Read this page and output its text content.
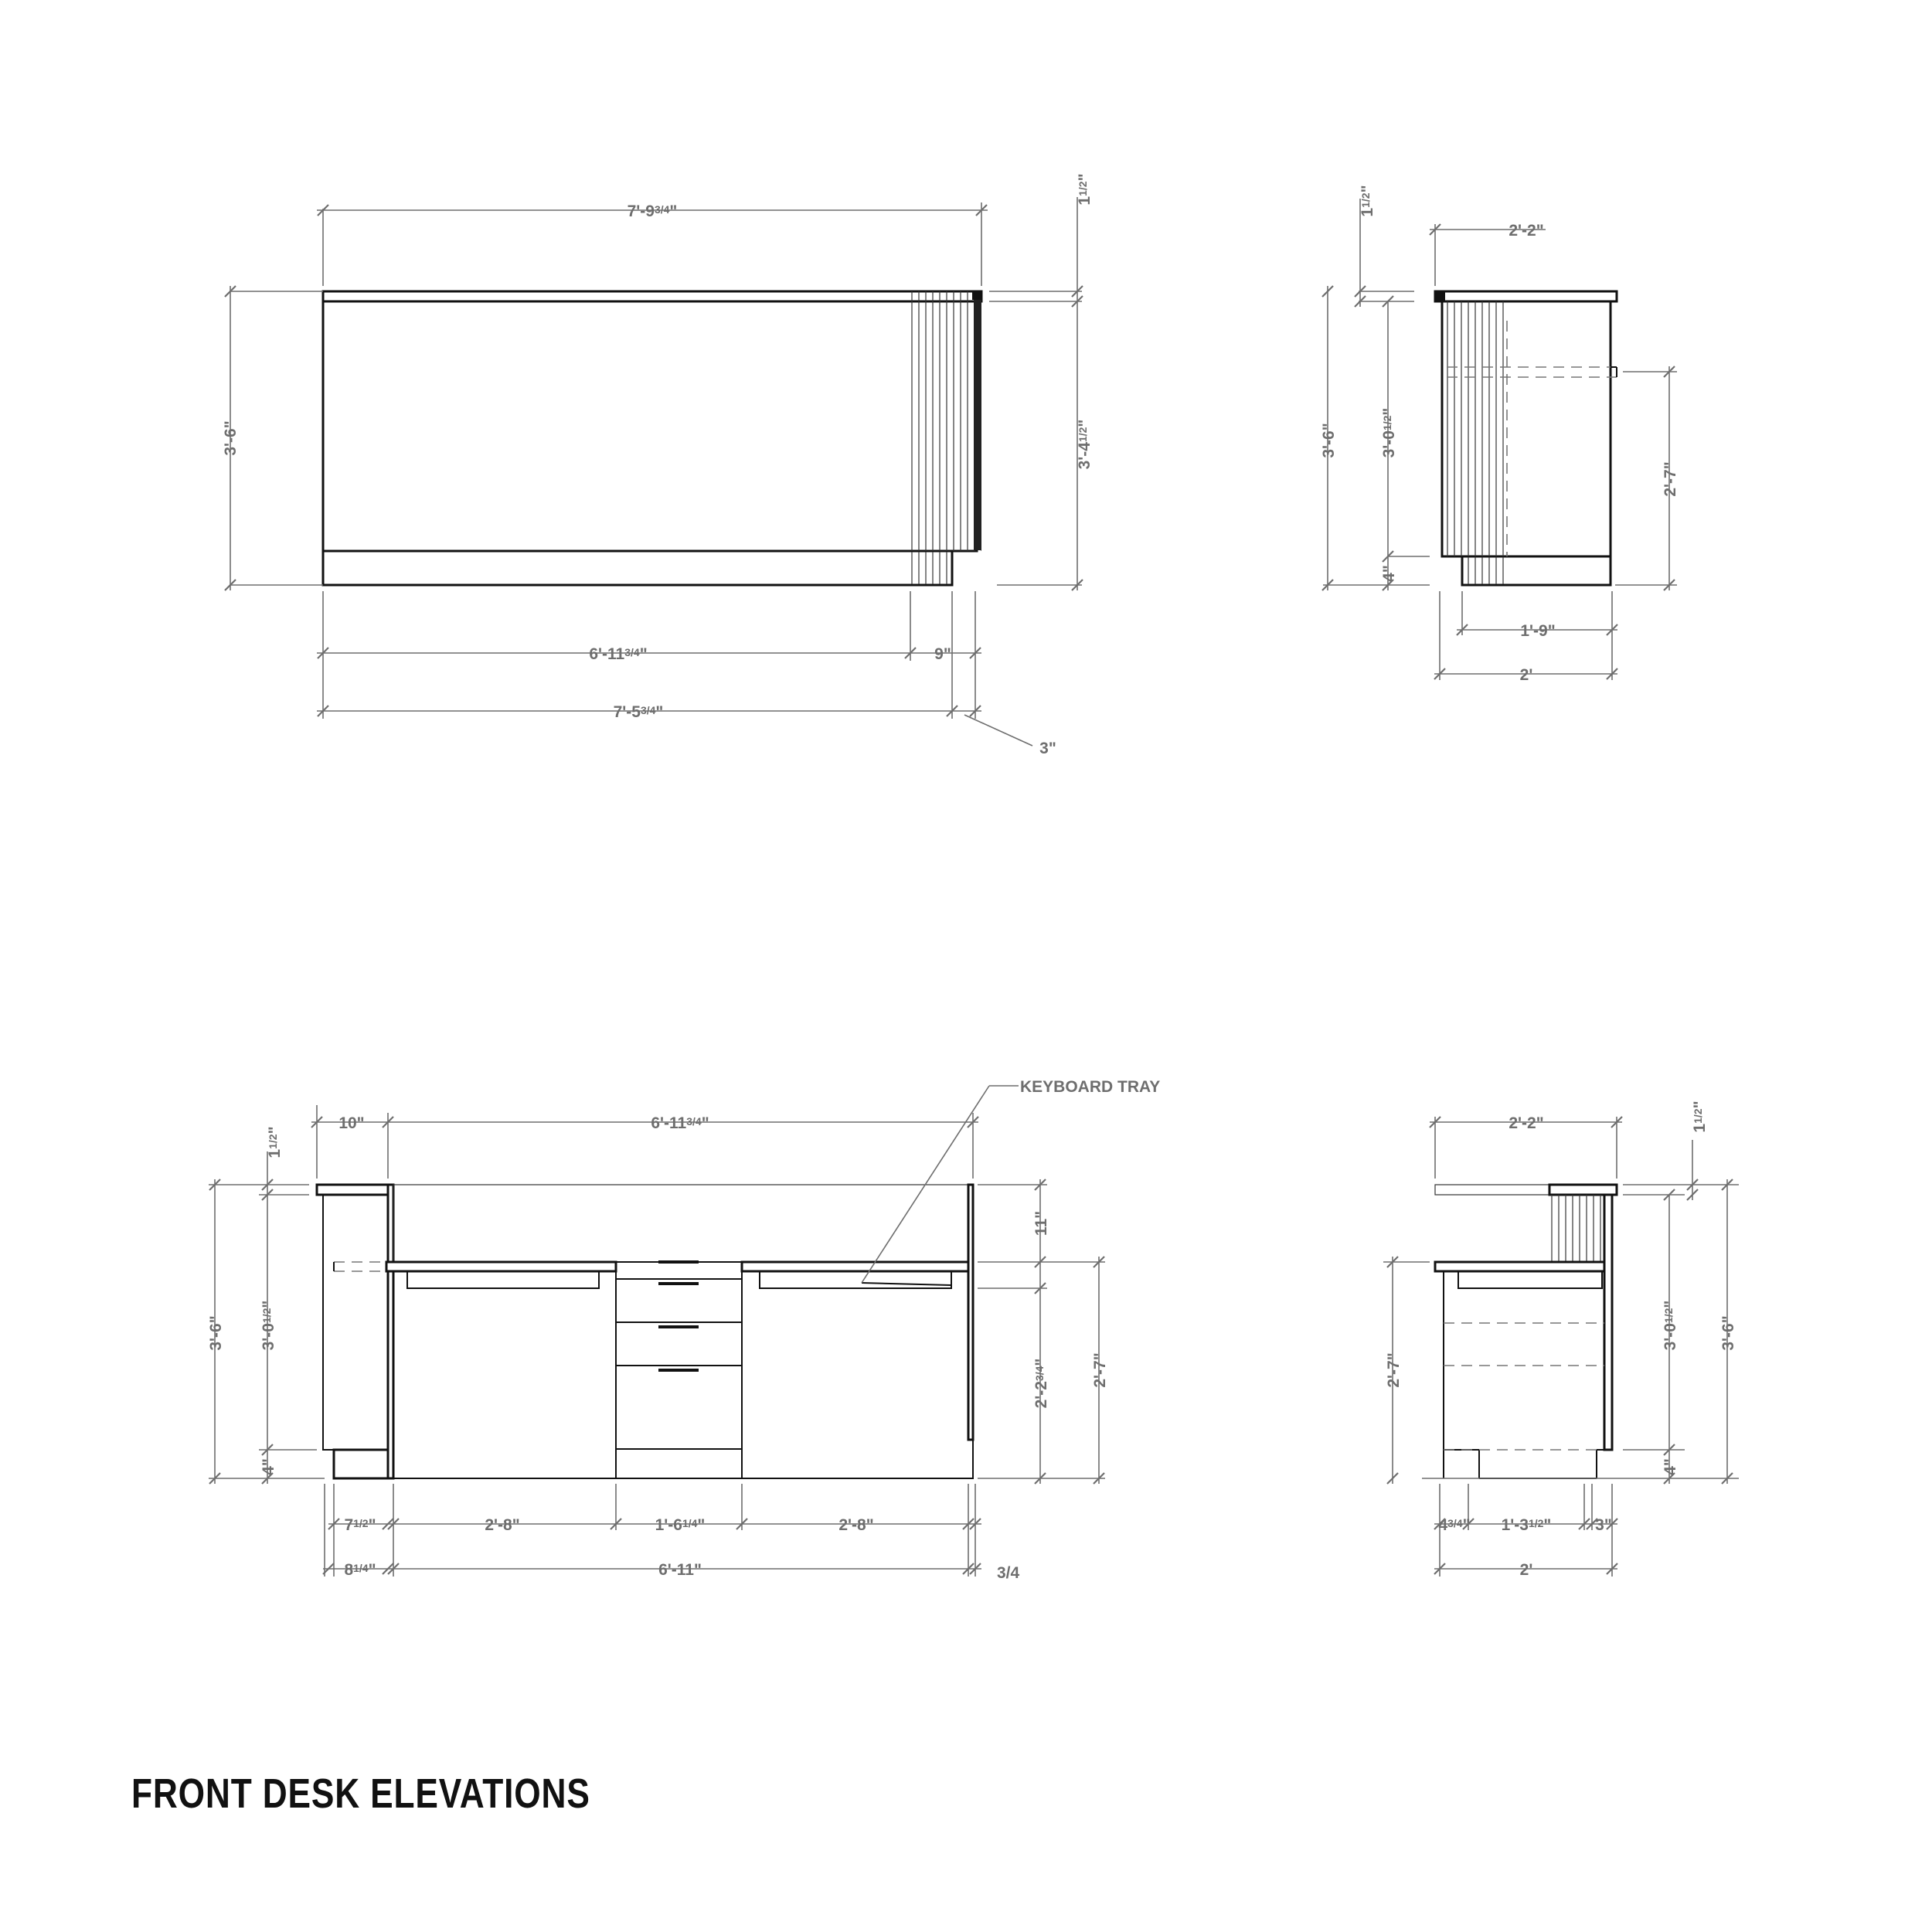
7'-93/4"
3'-6"
11/2"
3'-41/2"
6'-113/4"	9"
7'-53/4"
3"
2'-2"
11/2"
3'-6"	3'-01/2"
4"
2'-7"
1'-9"
2'
10"	6'-113/4"
3'-6"
11/2"
3'-01/2"
4"
11"
2'-23/4"	2'-7"
KEYBOARD TRAY
71/2"	2'-8"	1'-61/4"	2'-8"
81/4"	6'-11"	3/4
2'-2"	11/2"
3'-01/2"
4"
3'-6"
2'-7"
43/4" 1'-31/2"	3"
2'
FRONT DESK ELEVATIONS
